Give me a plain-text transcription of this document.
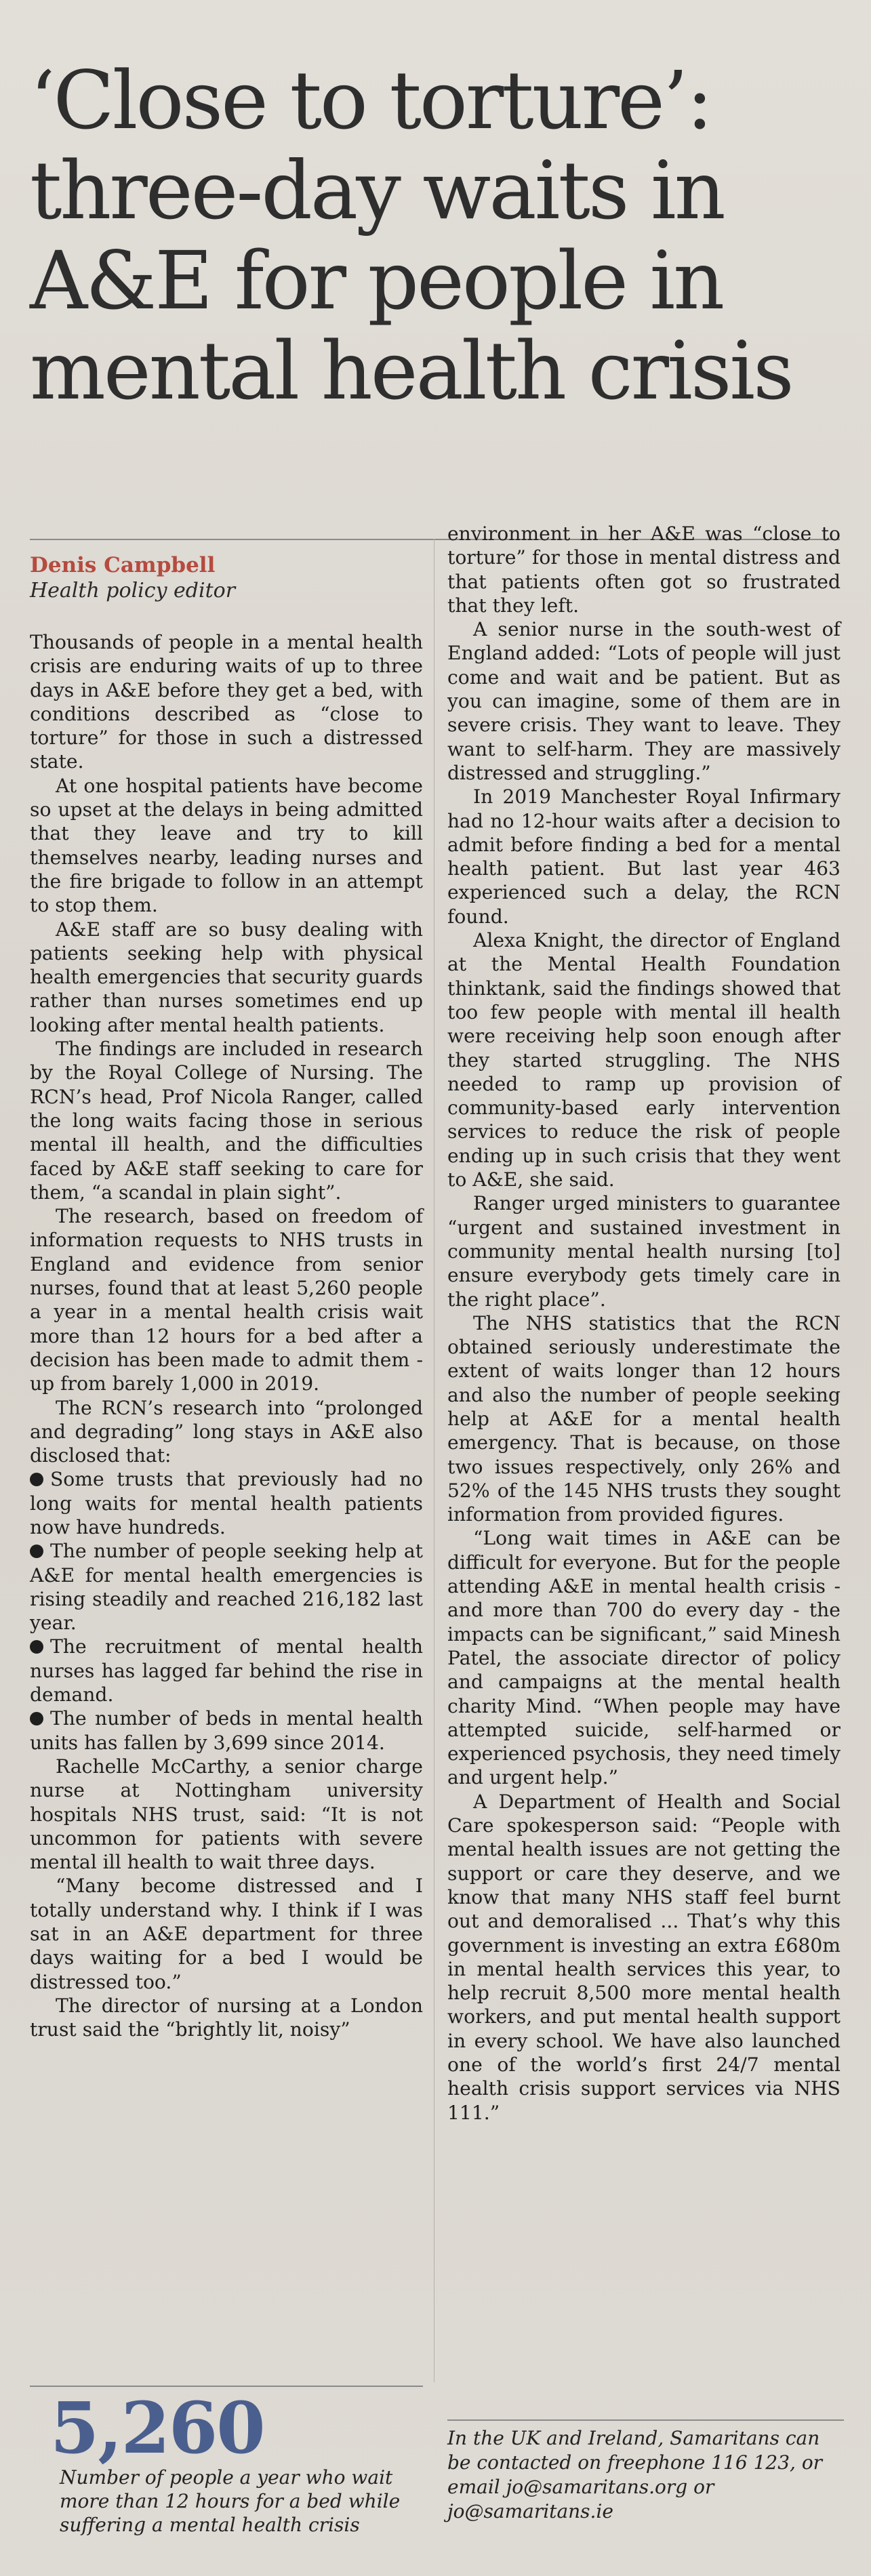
‘Close to torture’:
three-day waits in
A&E for people in
mental health crisis
Denis Campbell
Health policy editor

Thousands of people in a mental health crisis are enduring waits of up to three days in A&E before they get a bed, with conditions described as “close to torture” for those in such a distressed state.

At one hospital patients have become so upset at the delays in being admitted that they leave and try to kill themselves nearby, leading nurses and the fire brigade to follow in an attempt to stop them.

A&E staff are so busy dealing with patients seeking help with physical health emergencies that security guards rather than nurses sometimes end up looking after mental health patients.

The findings are included in research by the Royal College of Nursing. The RCN’s head, Prof Nicola Ranger, called the long waits facing those in serious mental ill health, and the difficulties faced by A&E staff seeking to care for them, “a scandal in plain sight”.

The research, based on freedom of information requests to NHS trusts in England and evidence from senior nurses, found that at least 5,260 people a year in a mental health crisis wait more than 12 hours for a bed after a decision has been made to admit them - up from barely 1,000 in 2019.

The RCN’s research into “prolonged and degrading” long stays in A&E also disclosed that:

Some trusts that previously had no long waits for mental health patients now have hundreds.

The number of people seeking help at A&E for mental health emergencies is rising steadily and reached 216,182 last year.

The recruitment of mental health nurses has lagged far behind the rise in demand.

The number of beds in mental health units has fallen by 3,699 since 2014.

Rachelle McCarthy, a senior charge nurse at Nottingham university hospitals NHS trust, said: “It is not uncommon for patients with severe mental ill health to wait three days.

“Many become distressed and I totally understand why. I think if I was sat in an A&E department for three days waiting for a bed I would be distressed too.”

The director of nursing at a London trust said the “brightly lit, noisy”

environment in her A&E was “close to torture” for those in mental distress and that patients often got so frustrated that they left.

A senior nurse in the south-west of England added: “Lots of people will just come and wait and be patient. But as you can imagine, some of them are in severe crisis. They want to leave. They want to self-harm. They are massively distressed and struggling.”

In 2019 Manchester Royal Infirmary had no 12-hour waits after a decision to admit before finding a bed for a mental health patient. But last year 463 experienced such a delay, the RCN found.

Alexa Knight, the director of England at the Mental Health Foundation thinktank, said the findings showed that too few people with mental ill health were receiving help soon enough after they started struggling. The NHS needed to ramp up provision of community-based early intervention services to reduce the risk of people ending up in such crisis that they went to A&E, she said.

Ranger urged ministers to guarantee “urgent and sustained investment in community mental health nursing [to] ensure everybody gets timely care in the right place”.

The NHS statistics that the RCN obtained seriously underestimate the extent of waits longer than 12 hours and also the number of people seeking help at A&E for a mental health emergency. That is because, on those two issues respectively, only 26% and 52% of the 145 NHS trusts they sought information from provided figures.

“Long wait times in A&E can be difficult for everyone. But for the people attending A&E in mental health crisis - and more than 700 do every day - the impacts can be significant,” said Minesh Patel, the associate director of policy and campaigns at the mental health charity Mind. “When people may have attempted suicide, self-harmed or experienced psychosis, they need timely and urgent help.”

A Department of Health and Social Care spokesperson said: “People with mental health issues are not getting the support or care they deserve, and we know that many NHS staff feel burnt out and demoralised ... That’s why this government is investing an extra £680m in mental health services this year, to help recruit 8,500 more mental health workers, and put mental health support in every school. We have also launched one of the world’s first 24/7 mental health crisis support services via NHS 111.”

5,260
Number of people a year who wait more than 12 hours for a bed while suffering a mental health crisis
In the UK and Ireland, Samaritans can be contacted on freephone 116 123, or email jo@samaritans.org or jo@samaritans.ie
